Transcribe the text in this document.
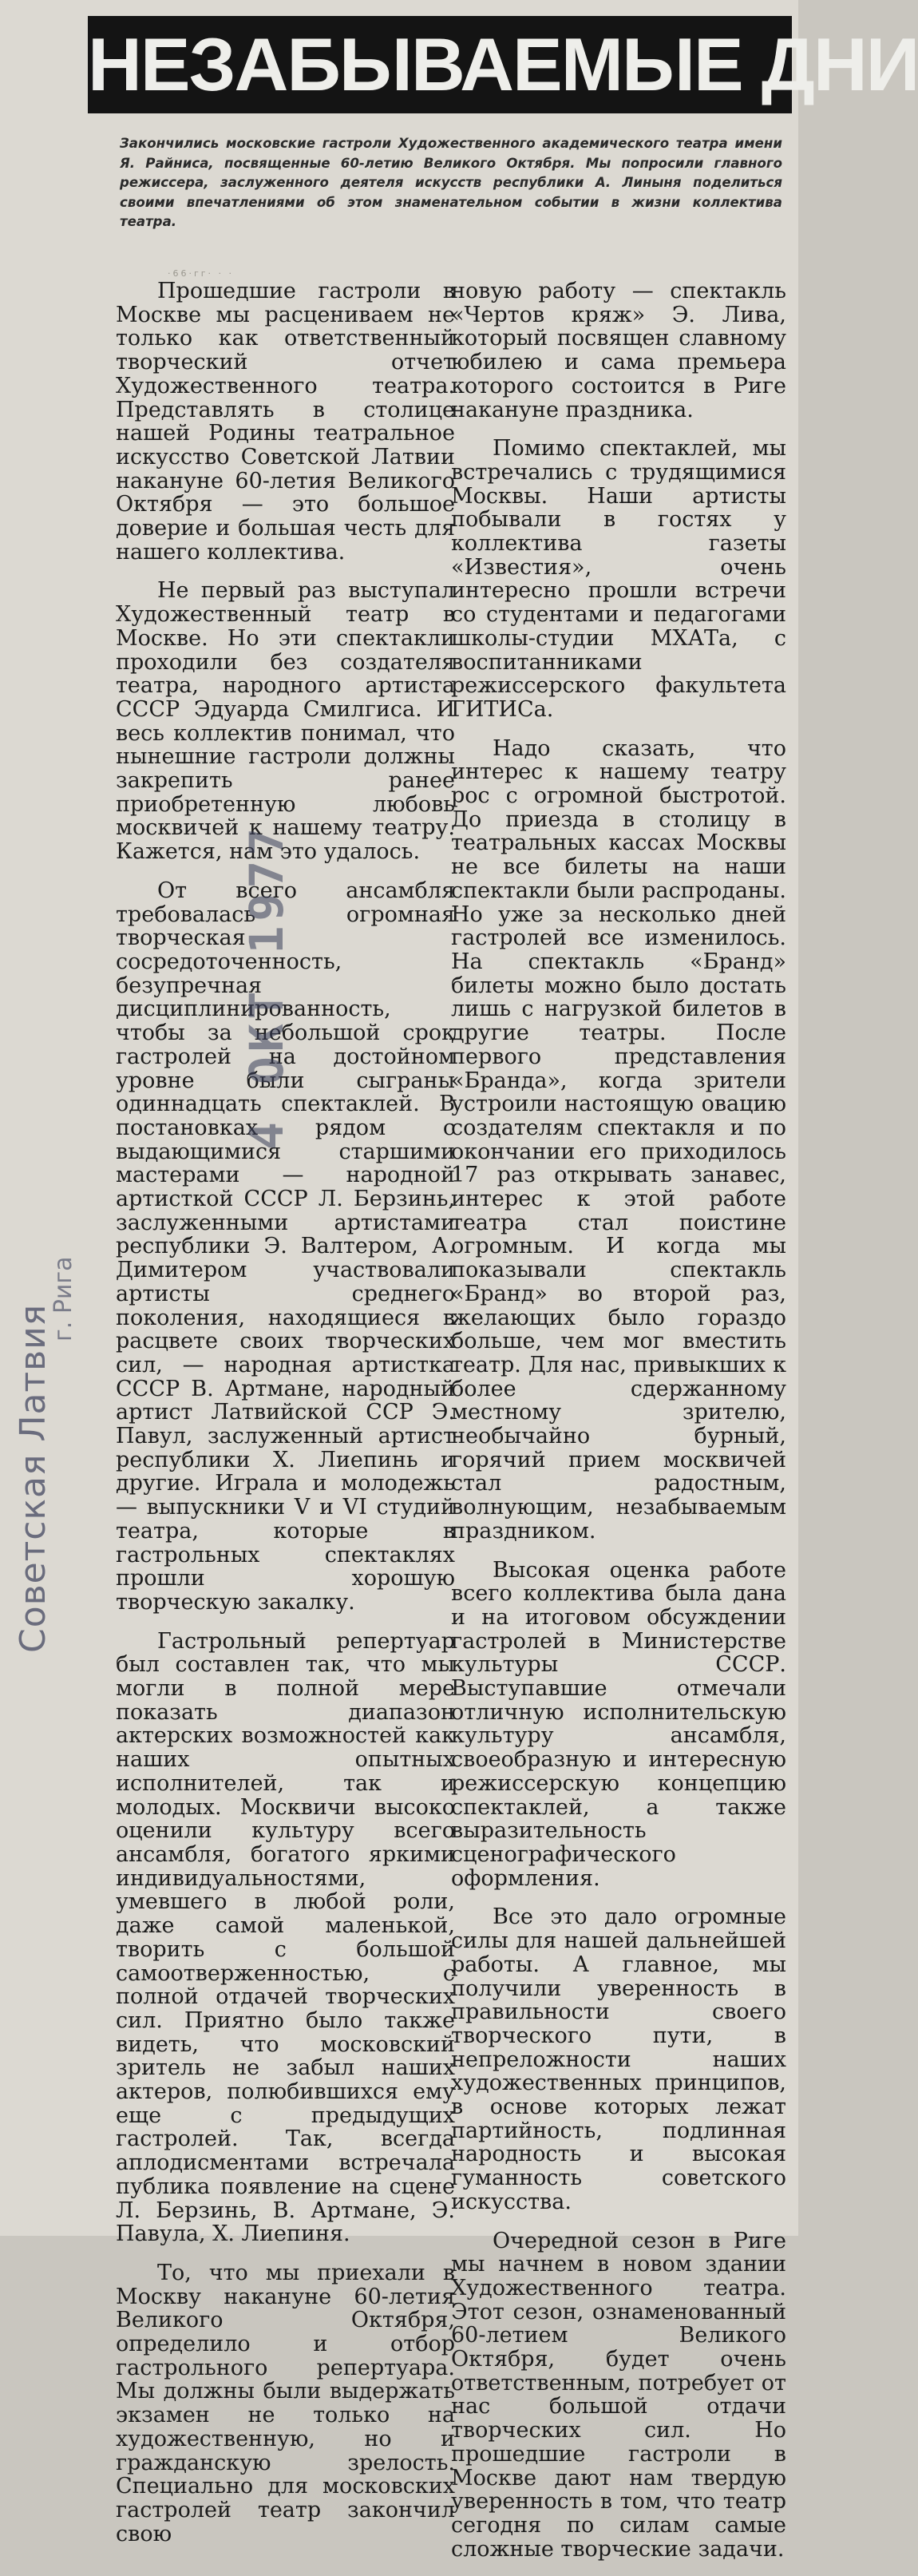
НЕЗАБЫВАЕМЫЕ ДНИ
Закончились московские гастроли Художественного академического театра имени Я. Райниса, посвященные 60-летию Великого Октября. Мы попросили главного режиссера, заслуженного деятеля искусств республики А. Линыня поделиться своими впечатлениями об этом знаменательном событии в жизни коллектива театра.
·66·гг· · ·

Прошедшие гастроли в Москве мы расцениваем не только как ответственный творческий отчет Художественного театра. Представлять в столице нашей Родины театральное искусство Советской Латвии накануне 60-летия Великого Октября — это большое доверие и большая честь для нашего коллектива.

Не первый раз выступал Художественный театр в Москве. Но эти спектакли проходили без создателя театра, народного артиста СССР Эдуарда Смилгиса. И весь коллектив понимал, что нынешние гастроли должны закрепить ранее приобретенную любовь москвичей к нашему театру. Кажется, нам это удалось.

От всего ансамбля требовалась огромная творческая сосредоточенность, безупречная дисциплинированность, чтобы за небольшой срок гастролей на достойном уровне были сыграны одиннадцать спектаклей. В постановках рядом с выдающимися старшими мастерами — народной артисткой СССР Л. Берзинь, заслуженными артистами республики Э. Валтером, А. Димитером участвовали артисты среднего поколения, находящиеся в расцвете своих творческих сил, — народная артистка СССР В. Артмане, народный артист Латвийской ССР Э. Павул, заслуженный артист республики Х. Лиепинь и другие. Играла и молодежь — выпускники V и VI студий театра, которые в гастрольных спектаклях прошли хорошую творческую закалку.

Гастрольный репертуар был составлен так, что мы могли в полной мере показать диапазон актерских возможностей как наших опытных исполнителей, так и молодых. Москвичи высоко оценили культуру всего ансамбля, богатого яркими индивидуальностями, умевшего в любой роли, даже самой маленькой, творить с большой самоотверженностью, с полной отдачей творческих сил. Приятно было также видеть, что московский зритель не забыл наших актеров, полюбившихся ему еще с предыдущих гастролей. Так, всегда аплодисментами встречала публика появление на сцене Л. Берзинь, В. Артмане, Э. Павула, Х. Лиепиня.

То, что мы приехали в Москву накануне 60-летия Великого Октября, определило и отбор гастрольного репертуара. Мы должны были выдержать экзамен не только на художественную, но и гражданскую зрелость. Специально для московских гастролей театр закончил свою

новую работу — спектакль «Чертов кряж» Э. Лива, который посвящен славному юбилею и сама премьера которого состоится в Риге накануне праздника.

Помимо спектаклей, мы встречались с трудящимися Москвы. Наши артисты побывали в гостях у коллектива газеты «Известия», очень интересно прошли встречи со студентами и педагогами школы-студии МХАТа, с воспитанниками режиссерского факультета ГИТИСа.

Надо сказать, что интерес к нашему театру рос с огромной быстротой. До приезда в столицу в театральных кассах Москвы не все билеты на наши спектакли были распроданы. Но уже за несколько дней гастролей все изменилось. На спектакль «Бранд» билеты можно было достать лишь с нагрузкой билетов в другие театры. После первого представления «Бранда», когда зрители устроили настоящую овацию создателям спектакля и по окончании его приходилось 17 раз открывать занавес, интерес к этой работе театра стал поистине огромным. И когда мы показывали спектакль «Бранд» во второй раз, желающих было гораздо больше, чем мог вместить театр. Для нас, привыкших к более сдержанному местному зрителю, необычайно бурный, горячий прием москвичей стал радостным, волнующим, незабываемым праздником.

Высокая оценка работе всего коллектива была дана и на итоговом обсуждении гастролей в Министерстве культуры СССР. Выступавшие отмечали отличную исполнительскую культуру ансамбля, своеобразную и интересную режиссерскую концепцию спектаклей, а также выразительность сценографического оформления.

Все это дало огромные силы для нашей дальнейшей работы. А главное, мы получили уверенность в правильности своего творческого пути, в непреложности наших художественных принципов, в основе которых лежат партийность, подлинная народность и высокая гуманность советского искусства.

Очередной сезон в Риге мы начнем в новом здании Художественного театра. Этот сезон, ознаменованный 60-летием Великого Октября, будет очень ответственным, потребует от нас большой отдачи творческих сил. Но прошедшие гастроли в Москве дают нам твердую уверенность в том, что театр сегодня по силам самые сложные творческие задачи.

4 ОКТ 1977
Советская Латвия
г. Рига
